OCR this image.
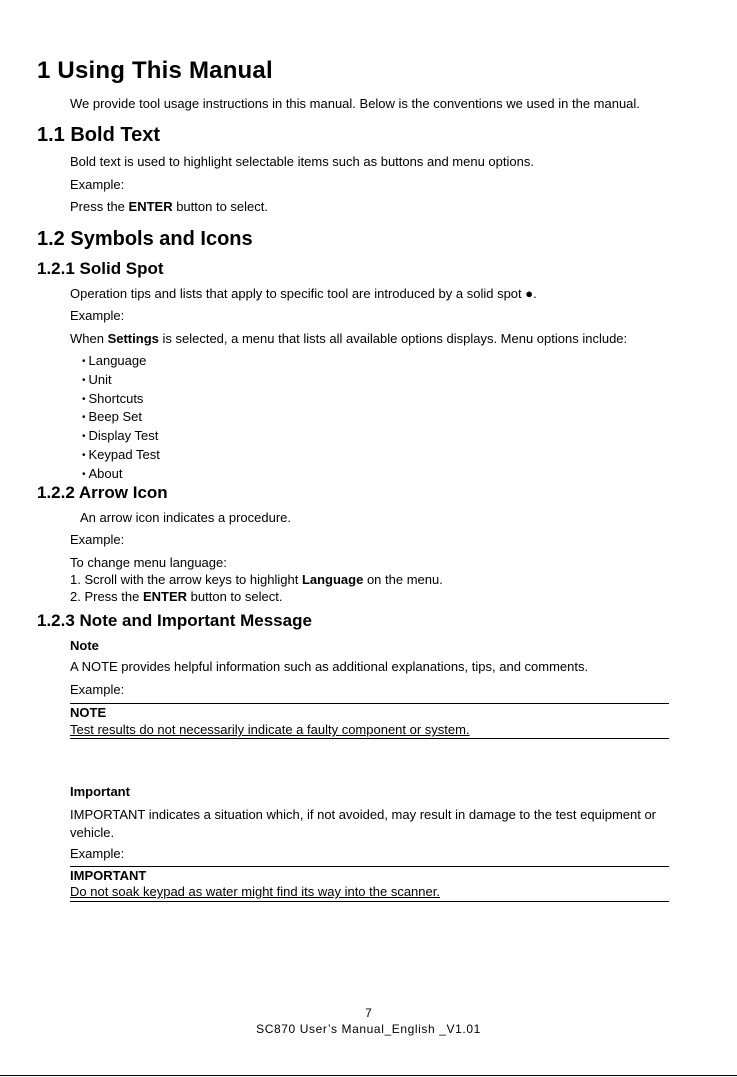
1 Using This Manual
We provide tool usage instructions in this manual. Below is the conventions we used in the manual.
1.1 Bold Text
Bold text is used to highlight selectable items such as buttons and menu options.
Example:
Press the ENTER button to select.
1.2 Symbols and Icons
1.2.1 Solid Spot
Operation tips and lists that apply to specific tool are introduced by a solid spot ●.
Example:
When Settings is selected, a menu that lists all available options displays. Menu options include:
• Language
• Unit
• Shortcuts
• Beep Set
• Display Test
• Keypad Test
• About
1.2.2 Arrow Icon
An arrow icon indicates a procedure.
Example:
To change menu language:
1. Scroll with the arrow keys to highlight Language on the menu.
2. Press the ENTER button to select.
1.2.3 Note and Important Message
Note
A NOTE provides helpful information such as additional explanations, tips, and comments.
Example:
NOTE
Test results do not necessarily indicate a faulty component or system.
Important
IMPORTANT indicates a situation which, if not avoided, may result in damage to the test equipment or vehicle.
Example:
IMPORTANT
Do not soak keypad as water might find its way into the scanner.
7
SC870 User’s Manual_English _V1.01
